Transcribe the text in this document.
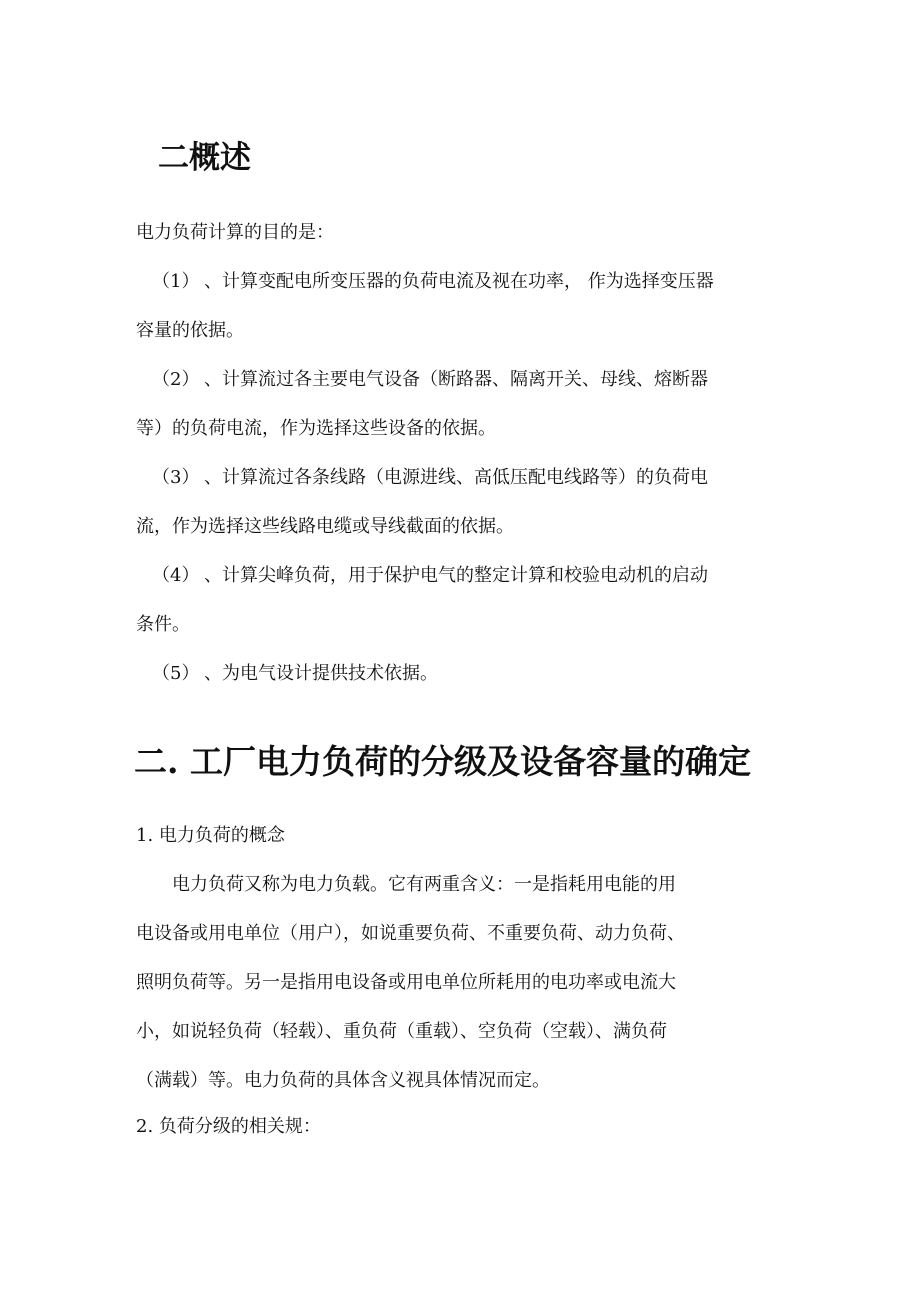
二概述

电力负荷计算的目的是：

（1） 、计算变配电所变压器的负荷电流及视在功率， 作为选择变压器
容量的依据。
（2） 、计算流过各主要电气设备（断路器、隔离开关、母线、熔断器
等）的负荷电流，作为选择这些设备的依据。
（3） 、计算流过各条线路（电源进线、高低压配电线路等）的负荷电
流，作为选择这些线路电缆或导线截面的依据。
（4） 、计算尖峰负荷，用于保护电气的整定计算和校验电动机的启动
条件。
（5） 、为电气设计提供技术依据。
二. 工厂电力负荷的分级及设备容量的确定

1. 电力负荷的概念

电力负荷又称为电力负载。它有两重含义：一是指耗用电能的用
电设备或用电单位（用户），如说重要负荷、不重要负荷、动力负荷、
照明负荷等。另一是指用电设备或用电单位所耗用的电功率或电流大
小，如说轻负荷（轻载）、重负荷（重载）、空负荷（空载）、满负荷
（满载）等。电力负荷的具体含义视具体情况而定。

2. 负荷分级的相关规：
